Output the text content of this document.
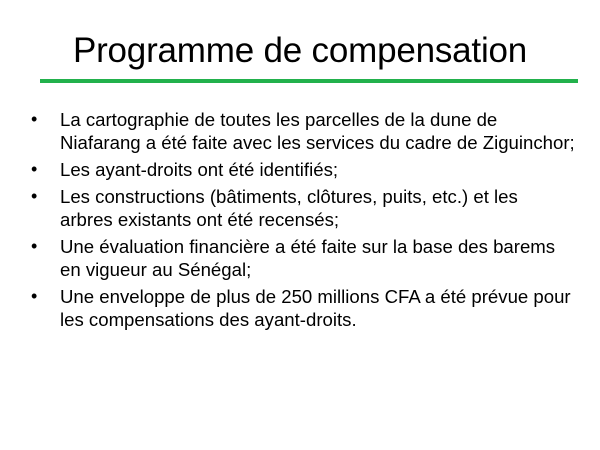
Programme de compensation
• La cartographie de toutes les parcelles de la dune de Niafarang a été faite avec les services du cadre de Ziguinchor;
• Les ayant-droits ont été identifiés;
• Les constructions (bâtiments, clôtures, puits, etc.) et les arbres existants ont été recensés;
• Une évaluation financière a été faite sur la base des barems en vigueur au Sénégal;
• Une enveloppe de plus de 250 millions CFA a été prévue pour les compensations des ayant-droits.
